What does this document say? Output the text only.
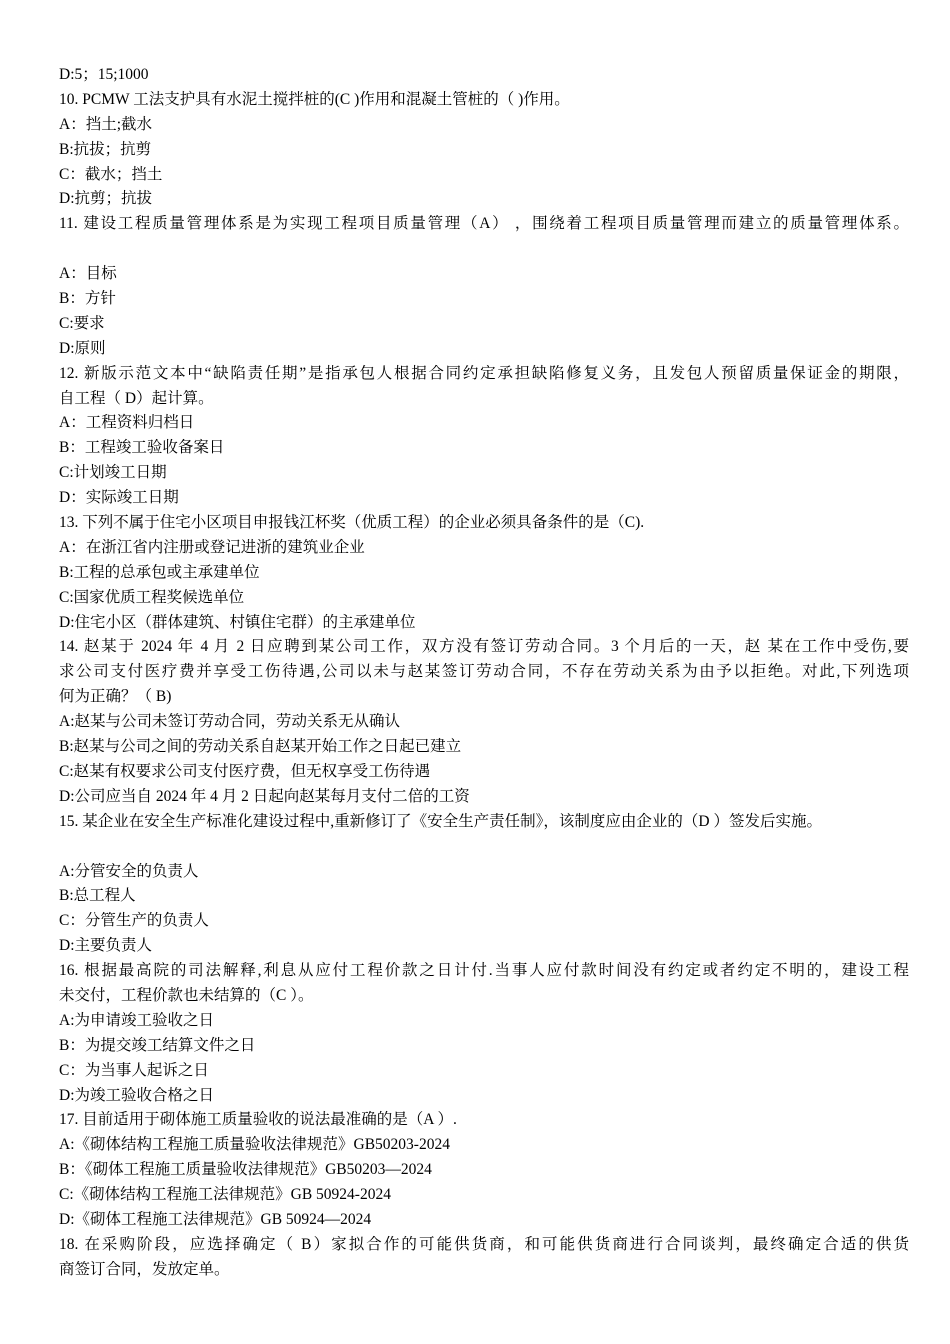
D:5；15;1000
10. PCMW 工法支护具有水泥土搅拌桩的(C )作用和混凝土管桩的（ )作用。
A：挡土;截水
B:抗拔；抗剪
C：截水；挡土
D:抗剪；抗拔
11. 建设工程质量管理体系是为实现工程项目质量管理（A） ，围绕着工程项目质量管理而建立的质量管理体系。
A：目标
B：方针
C:要求
D:原则
12. 新版示范文本中“缺陷责任期”是指承包人根据合同约定承担缺陷修复义务，且发包人预留质量保证金的期限，
自工程（ D）起计算。
A：工程资料归档日
B：工程竣工验收备案日
C:计划竣工日期
D：实际竣工日期
13. 下列不属于住宅小区项目申报钱江杯奖（优质工程）的企业必须具备条件的是（C).
A：在浙江省内注册或登记进浙的建筑业企业
B:工程的总承包或主承建单位
C:国家优质工程奖候选单位
D:住宅小区（群体建筑、村镇住宅群）的主承建单位
14. 赵某于 2024 年 4 月 2 日应聘到某公司工作，双方没有签订劳动合同。3 个月后的一天，赵 某在工作中受伤,要
求公司支付医疗费并享受工伤待遇,公司以未与赵某签订劳动合同，不存在劳动关系为由予以拒绝。对此,下列选项
何为正确？（ B)
A:赵某与公司未签订劳动合同，劳动关系无从确认
B:赵某与公司之间的劳动关系自赵某开始工作之日起已建立
C:赵某有权要求公司支付医疗费，但无权享受工伤待遇
D:公司应当自 2024 年 4 月 2 日起向赵某每月支付二倍的工资
15. 某企业在安全生产标准化建设过程中,重新修订了《安全生产责任制》，该制度应由企业的（D ）签发后实施。
A:分管安全的负责人
B:总工程人
C：分管生产的负责人
D:主要负责人
16. 根据最高院的司法解释,利息从应付工程价款之日计付.当事人应付款时间没有约定或者约定不明的，建设工程
未交付，工程价款也未结算的（C ）。
A:为申请竣工验收之日
B：为提交竣工结算文件之日
C：为当事人起诉之日
D:为竣工验收合格之日
17. 目前适用于砌体施工质量验收的说法最准确的是（A ）.
A:《砌体结构工程施工质量验收法律规范》GB50203-2024
B：《砌体工程施工质量验收法律规范》GB50203—2024
C:《砌体结构工程施工法律规范》GB 50924-2024
D:《砌体工程施工法律规范》GB 50924—2024
18. 在采购阶段，应选择确定（ B）家拟合作的可能供货商，和可能供货商进行合同谈判，最终确定合适的供货
商签订合同，发放定单。
